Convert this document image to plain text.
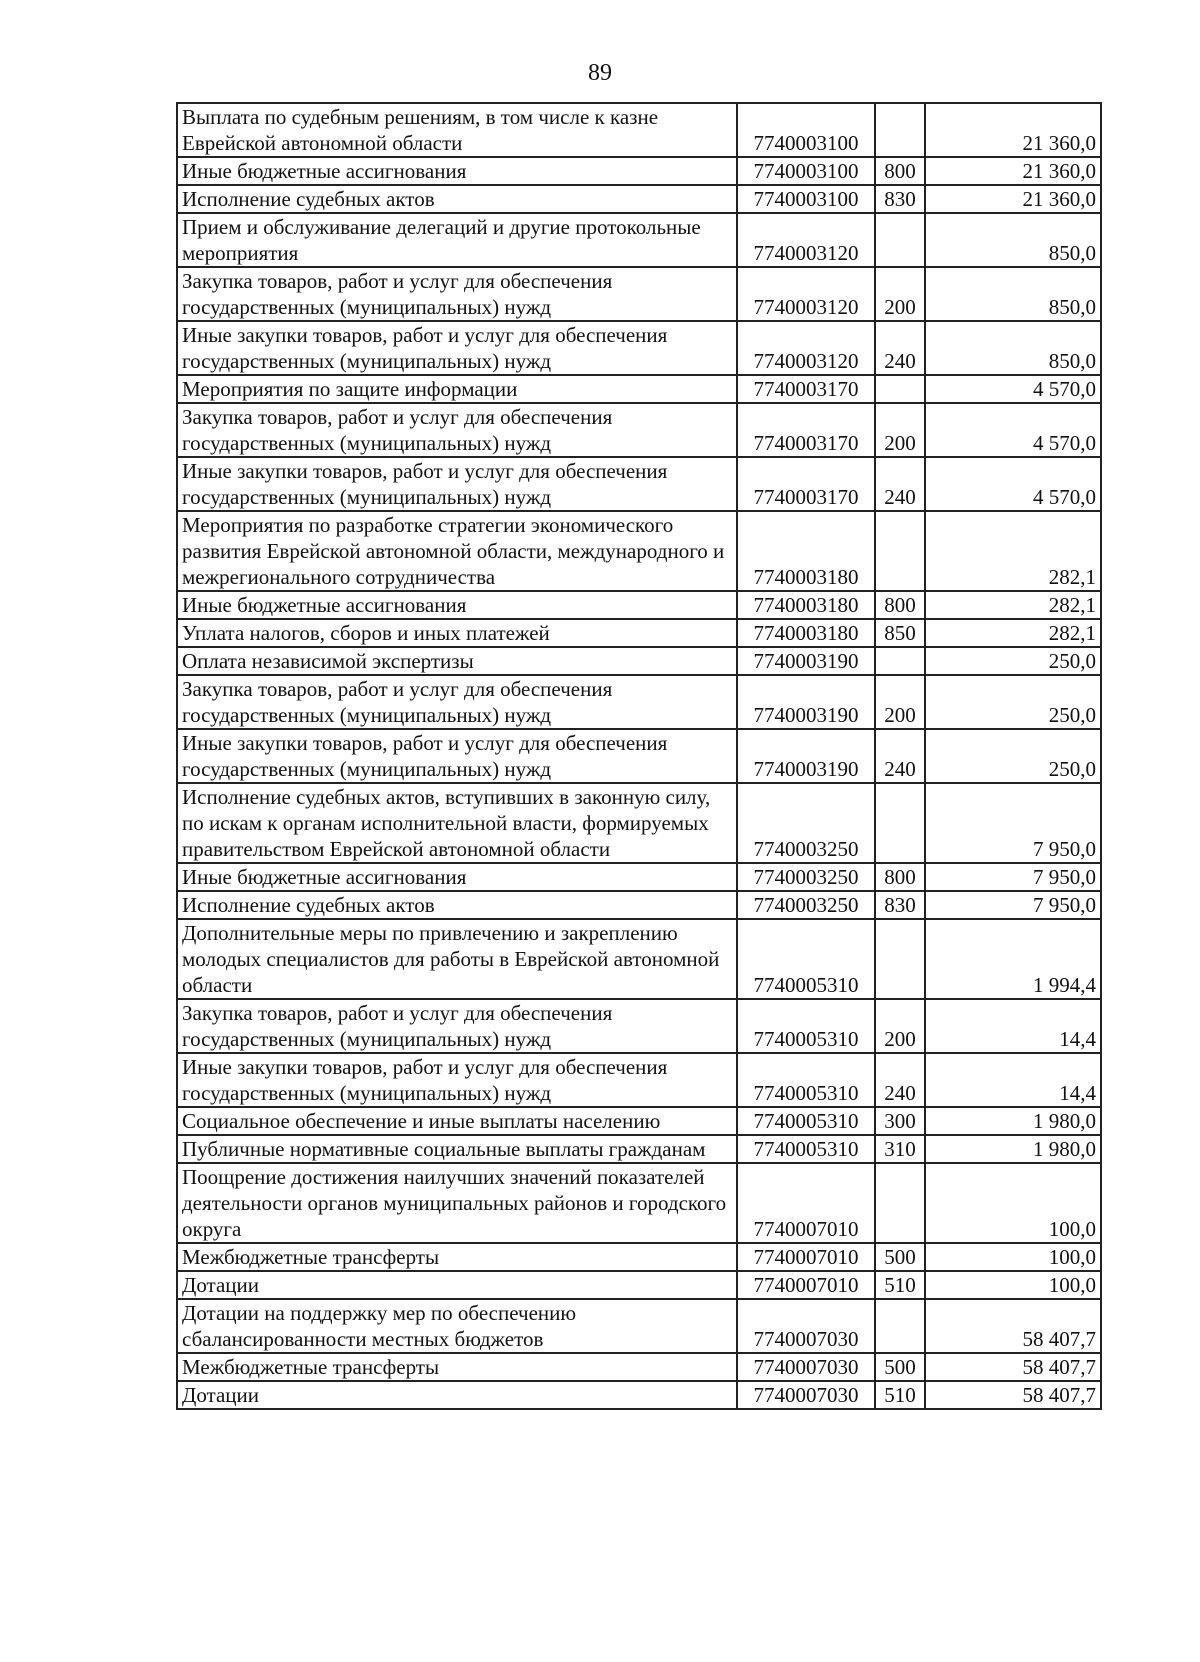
89
Выплата по судебным решениям, в том числе к казне Еврейской автономной области	7740003100		21 360,0
Иные бюджетные ассигнования	7740003100	800	21 360,0
Исполнение судебных актов	7740003100	830	21 360,0
Прием и обслуживание делегаций и другие протокольные мероприятия	7740003120		850,0
Закупка товаров, работ и услуг для обеспечения государственных (муниципальных) нужд	7740003120	200	850,0
Иные закупки товаров, работ и услуг для обеспечения государственных (муниципальных) нужд	7740003120	240	850,0
Мероприятия по защите информации	7740003170		4 570,0
Закупка товаров, работ и услуг для обеспечения государственных (муниципальных) нужд	7740003170	200	4 570,0
Иные закупки товаров, работ и услуг для обеспечения государственных (муниципальных) нужд	7740003170	240	4 570,0
Мероприятия по разработке стратегии экономического развития Еврейской автономной области, международного и межрегионального сотрудничества	7740003180		282,1
Иные бюджетные ассигнования	7740003180	800	282,1
Уплата налогов, сборов и иных платежей	7740003180	850	282,1
Оплата независимой экспертизы	7740003190		250,0
Закупка товаров, работ и услуг для обеспечения государственных (муниципальных) нужд	7740003190	200	250,0
Иные закупки товаров, работ и услуг для обеспечения государственных (муниципальных) нужд	7740003190	240	250,0
Исполнение судебных актов, вступивших в законную силу, по искам к органам исполнительной власти, формируемых правительством Еврейской автономной области	7740003250		7 950,0
Иные бюджетные ассигнования	7740003250	800	7 950,0
Исполнение судебных актов	7740003250	830	7 950,0
Дополнительные меры по привлечению и закреплению молодых специалистов для работы в Еврейской автономной области	7740005310		1 994,4
Закупка товаров, работ и услуг для обеспечения государственных (муниципальных) нужд	7740005310	200	14,4
Иные закупки товаров, работ и услуг для обеспечения государственных (муниципальных) нужд	7740005310	240	14,4
Социальное обеспечение и иные выплаты населению	7740005310	300	1 980,0
Публичные нормативные социальные выплаты гражданам	7740005310	310	1 980,0
Поощрение достижения наилучших значений показателей деятельности органов муниципальных районов и городского округа	7740007010		100,0
Межбюджетные трансферты	7740007010	500	100,0
Дотации	7740007010	510	100,0
Дотации на поддержку мер по обеспечению сбалансированности местных бюджетов	7740007030		58 407,7
Межбюджетные трансферты	7740007030	500	58 407,7
Дотации	7740007030	510	58 407,7
